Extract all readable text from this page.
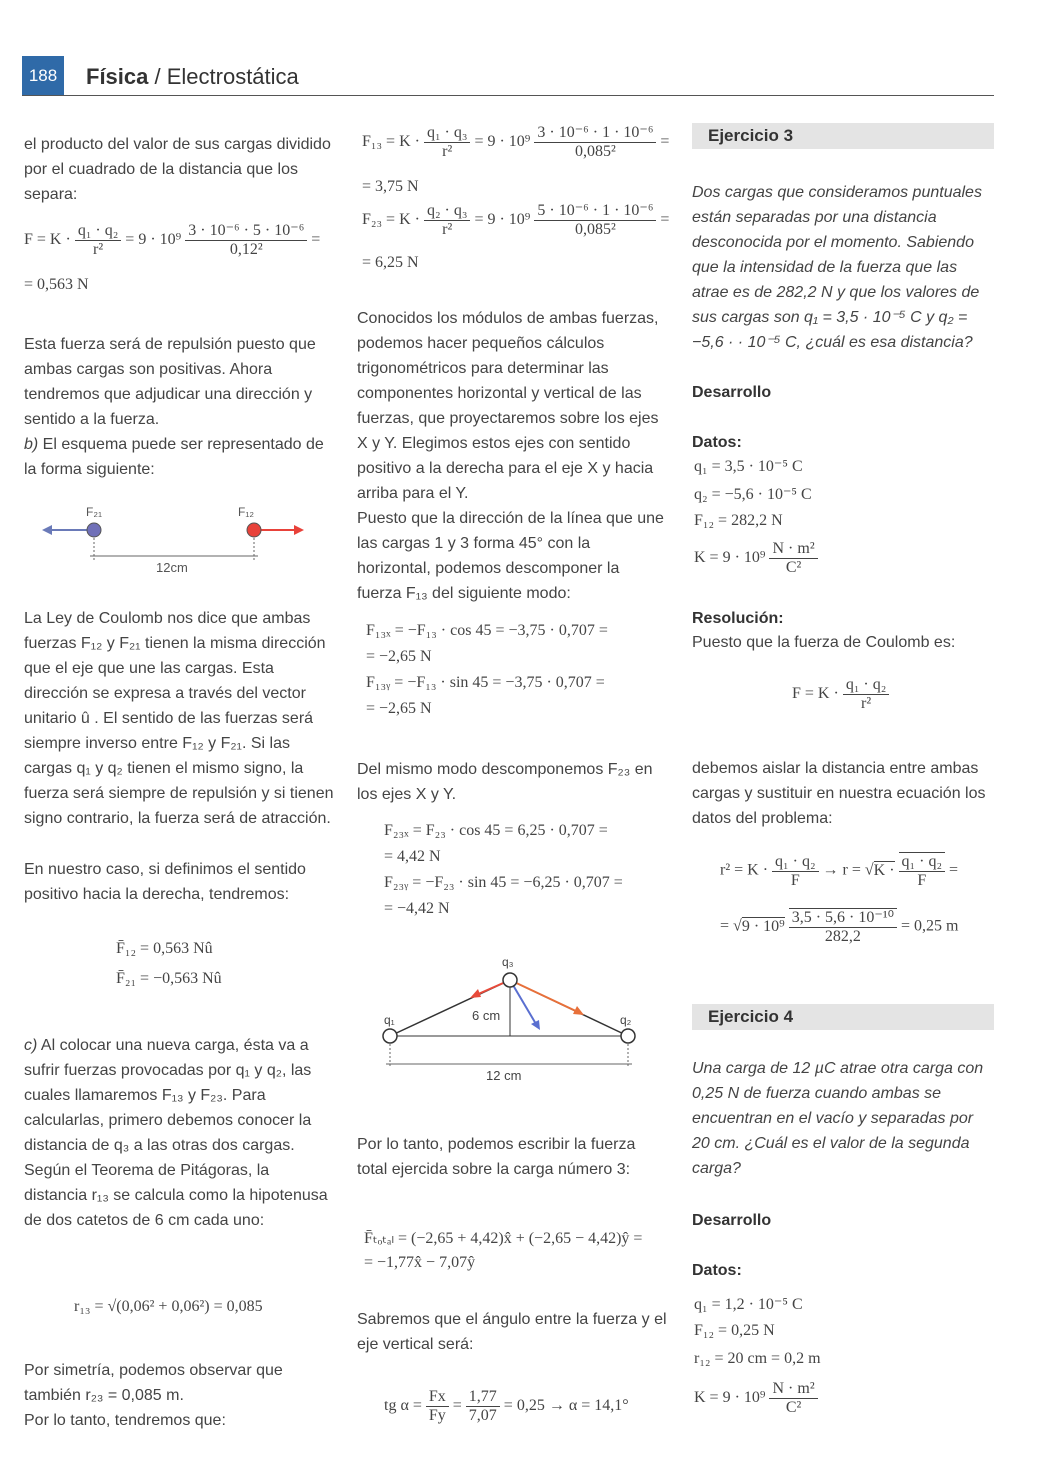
188	Física / Electrostática

el producto del valor de sus cargas dividido por el cuadrado de la distancia que los separa:

$F = K \cdot \frac{\text{q₁ · q₂}}{\text{r²}} = 9 \cdot 10^9 \frac{\text{3 · 10⁻⁶ · 5 · 10⁻⁶}}{\text{0,12²}}$ =
= 0,563 N

Esta fuerza será de repulsión puesto que ambas cargas son positivas. Ahora tendremos que adjudicar una dirección y sentido a la fuerza.

b) El esquema puede ser representado de la forma siguiente:

F₂₁	F₁₂
12cm

La Ley de Coulomb nos dice que ambas fuerzas F₁₂ y F₂₁ tienen la misma dirección que el eje que une las cargas. Esta dirección se expresa a través del vector unitario û . El sentido de las fuerzas será siempre inverso entre F₁₂ y F₂₁. Si las cargas q₁ y q₂ tienen el mismo signo, la fuerza será siempre de repulsión y si tienen signo contrario, la fuerza será de atracción.

En nuestro caso, si definimos el sentido positivo hacia la derecha, tendremos:

F̄₁₂ = 0,563 Nû
F̄₂₁ = −0,563 Nû

c) Al colocar una nueva carga, ésta va a sufrir fuerzas provocadas por q₁ y q₂, las cuales llamaremos F₁₃ y F₂₃. Para calcularlas, primero debemos conocer la distancia de q₃ a las otras dos cargas. Según el Teorema de Pitágoras, la distancia r₁₃ se calcula como la hipotenusa de dos catetos de 6 cm cada uno:

r₁₃ = √(0,06² + 0,06²) = 0,085

Por simetría, podemos observar que también r₂₃ = 0,085 m.

Por lo tanto, tendremos que:

$F_{13} = K \cdot \frac{\text{q₁ · q₃}}{\text{r²}} = 9 \cdot 10^9 \frac{\text{3 · 10⁻⁶ · 1 · 10⁻⁶}}{\text{0,085²}}$ =
= 3,75 N
$F_{23} = K \cdot \frac{\text{q₂ · q₃}}{\text{r²}} = 9 \cdot 10^9 \frac{\text{5 · 10⁻⁶ · 1 · 10⁻⁶}}{\text{0,085²}}$ =
= 6,25 N

Conocidos los módulos de ambas fuerzas, podemos hacer pequeños cálculos trigonométricos para determinar las componentes horizontal y vertical de las fuerzas, que proyectaremos sobre los ejes X y Y. Elegimos estos ejes con sentido positivo a la derecha para el eje X y hacia arriba para el Y.

Puesto que la dirección de la línea que une las cargas 1 y 3 forma 45° con la horizontal, podemos descomponer la fuerza F₁₃ del siguiente modo:

F₁₃ₓ = −F₁₃ · cos 45 = −3,75 · 0,707 =
= −2,65 N
F₁₃ᵧ = −F₁₃ · sin 45 = −3,75 · 0,707 =
= −2,65 N

Del mismo modo descomponemos F₂₃ en los ejes X y Y.

F₂₃ₓ = F₂₃ · cos 45 = 6,25 · 0,707 =
= 4,42 N
F₂₃ᵧ = −F₂₃ · sin 45 = −6,25 · 0,707 =
= −4,42 N
q₁	q₂
q₃
6 cm
12 cm

Por lo tanto, podemos escribir la fuerza total ejercida sobre la carga número 3:

F̄ₜₒₜₐₗ = (−2,65 + 4,42)x̂ + (−2,65 − 4,42)ŷ =
= −1,77x̂ − 7,07ŷ

Sabremos que el ángulo entre la fuerza y el eje vertical será:

tg $\alpha = \frac{Fx}{Fy} = \frac{1,77}{7,07} = 0,25 \to \alpha = 14,1^\circ$
Ejercicio 3

Dos cargas que consideramos puntuales están separadas por una distancia desconocida por el momento. Sabiendo que la intensidad de la fuerza que las atrae es de 282,2 N y que los valores de sus cargas son q₁ = 3,5 · 10⁻⁵ C y q₂ = −5,6 · · 10⁻⁵ C, ¿cuál es esa distancia?

Desarrollo
Datos:
q₁ = 3,5 · 10⁻⁵ C
q₂ = −5,6 · 10⁻⁵ C
F₁₂ = 282,2 N
$K = 9 \cdot 10^9 \frac{\text{N · m²}}{\text{C²}}$
Resolución:

Puesto que la fuerza de Coulomb es:

$F = K \cdot \frac{\text{q₁ · q₂}}{\text{r²}}$

debemos aislar la distancia entre ambas cargas y sustituir en nuestra ecuación los datos del problema:

$r^2 = K \cdot \frac{\text{q₁ · q₂}}{F} \to r = √K \cdot \frac{\text{q₁ · q₂}}{F}$ =
= $√9 \cdot 10^9 \frac{\text{3,5 · 5,6 · 10⁻¹⁰}}{282,2} = 0,25$ m
Ejercicio 4

Una carga de 12 µC atrae otra carga con 0,25 N de fuerza cuando ambas se encuentran en el vacío y separadas por 20 cm. ¿Cuál es el valor de la segunda carga?

Desarrollo
Datos:
q₁ = 1,2 · 10⁻⁵ C
F₁₂ = 0,25 N
r₁₂ = 20 cm = 0,2 m
$K = 9 \cdot 10^9 \frac{\text{N · m²}}{\text{C²}}$
